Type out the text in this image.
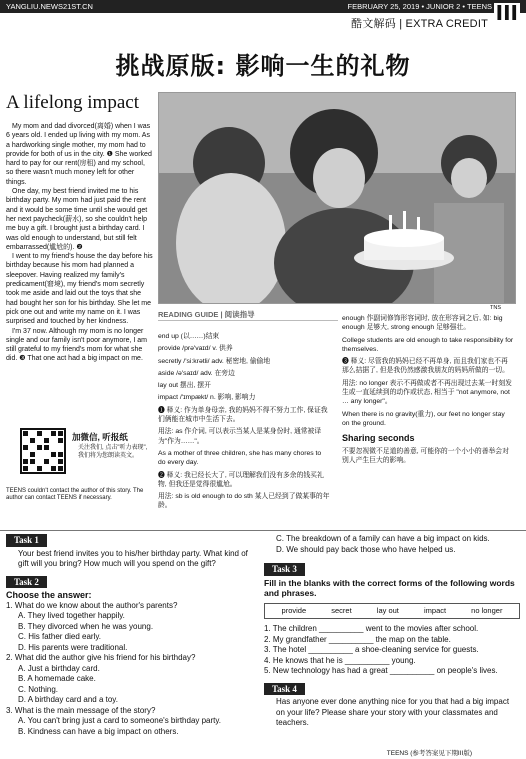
YANGLIU.NEWS21ST.CN	FEBRUARY 25, 2019 • JUNIOR 2 • TEENS III
酷文解码 | EXTRA CREDIT
挑战原版: 影响一生的礼物
A lifelong impact

My mom and dad divorced(离婚) when I was 6 years old. I ended up living with my mom. As a hardworking single mother, my mom had to provide for both of us in the city. ❶ She worked hard to pay for our rent(房租) and my school, so there wasn't much money left for other things.

One day, my best friend invited me to his birthday party. My mom had just paid the rent and it would be some time until she would get her next paycheck(薪水), so she couldn't help me buy a gift. I brought just a birthday card. I was old enough to understand, but still felt embarrassed(尴尬的). ❷

I went to my friend's house the day before his birthday because his mom had planned a sleepover. Having realized my family's predicament(窘境), my friend's mom secretly took me aside and laid out the toys that she had bought her son for his birthday. She let me pick one out and write my name on it. I was surprised and touched by her kindness.

I'm 37 now. Although my mom is no longer single and our family isn't poor anymore, I am still grateful to my friend's mom for what she did. ❸ That one act had a big impact on me.

TNS
加微信, 听报纸
关注我们, 点击"听力表现", 我们将为您朗读英文。
TEENS couldn't contact the author of this story. The author can contact TEENS if necessary.
READING GUIDE | 阅读指导

end up (以……)结束

provide /prə'vaɪd/ v. 供养

secretly /'si:krətli/ adv. 秘密地, 偷偷地

aside /ə'saɪd/ adv. 在旁边

lay out 摆出, 摆开

impact /'ɪmpækt/ n. 影响, 影响力

❶ 释义: 作为单身母亲, 我的妈妈不得不努力工作, 保证我们俩能在城市中生活下去。

用法: as 作介词, 可以表示当某人是某身份时, 通常被译为"作为……"。

As a mother of three children, she has many chores to do every day.

❷ 释义: 我已经长大了, 可以理解我们没有多余的钱买礼物, 但我还是觉得很尴尬。

用法: sb is old enough to do sth 某人已经到了做某事的年龄。

enough 作副词修饰形容词时, 放在形容词之后, 如: big enough 足够大, strong enough 足够强壮。

College students are old enough to take responsibility for themselves.

❸ 释义: 尽管我的妈妈已经不再单身, 而且我们家也不再那么拮据了, 但是我仍然感激我朋友的妈妈所做的一切。

用法: no longer 表示不再做或者不再出现过去某一时刻发生或一直延续到的动作或状态, 相当于 "not anymore, not … any longer"。

When there is no gravity(重力), our feet no longer stay on the ground.

Sharing seconds

不要忽视微不足道的善意, 可能你的一个小小的善举会对别人产生巨大的影响。

Task 1

Your best friend invites you to his/her birthday party. What kind of gift will you bring? How much will you spend on the gift?

Task 2

Choose the answer:

1. What do we know about the author's parents?

A. They lived together happily.

B. They divorced when he was young.

C. His father died early.

D. His parents were traditional.

2. What did the author give his friend for his birthday?

A. Just a birthday card.

B. A homemade cake.

C. Nothing.

D. A birthday card and a toy.

3. What is the main message of the story?

A. You can't bring just a card to someone's birthday party.

B. Kindness can have a big impact on others.

C. The breakdown of a family can have a big impact on kids.

D. We should pay back those who have helped us.

Task 3

Fill in the blanks with the correct forms of the following words and phrases.

provide	secret	lay out	impact	no longer

1. The children __________ went to the movies after school.

2. My grandfather __________ the map on the table.

3. The hotel __________ a shoe-cleaning service for guests.

4. He knows that he is __________ young.

5. New technology has had a great __________ on people's lives.

Task 4

Has anyone ever done anything nice for you that had a big impact on your life? Please share your story with your classmates and teachers.

TEENS (参考答案见下期III版)
